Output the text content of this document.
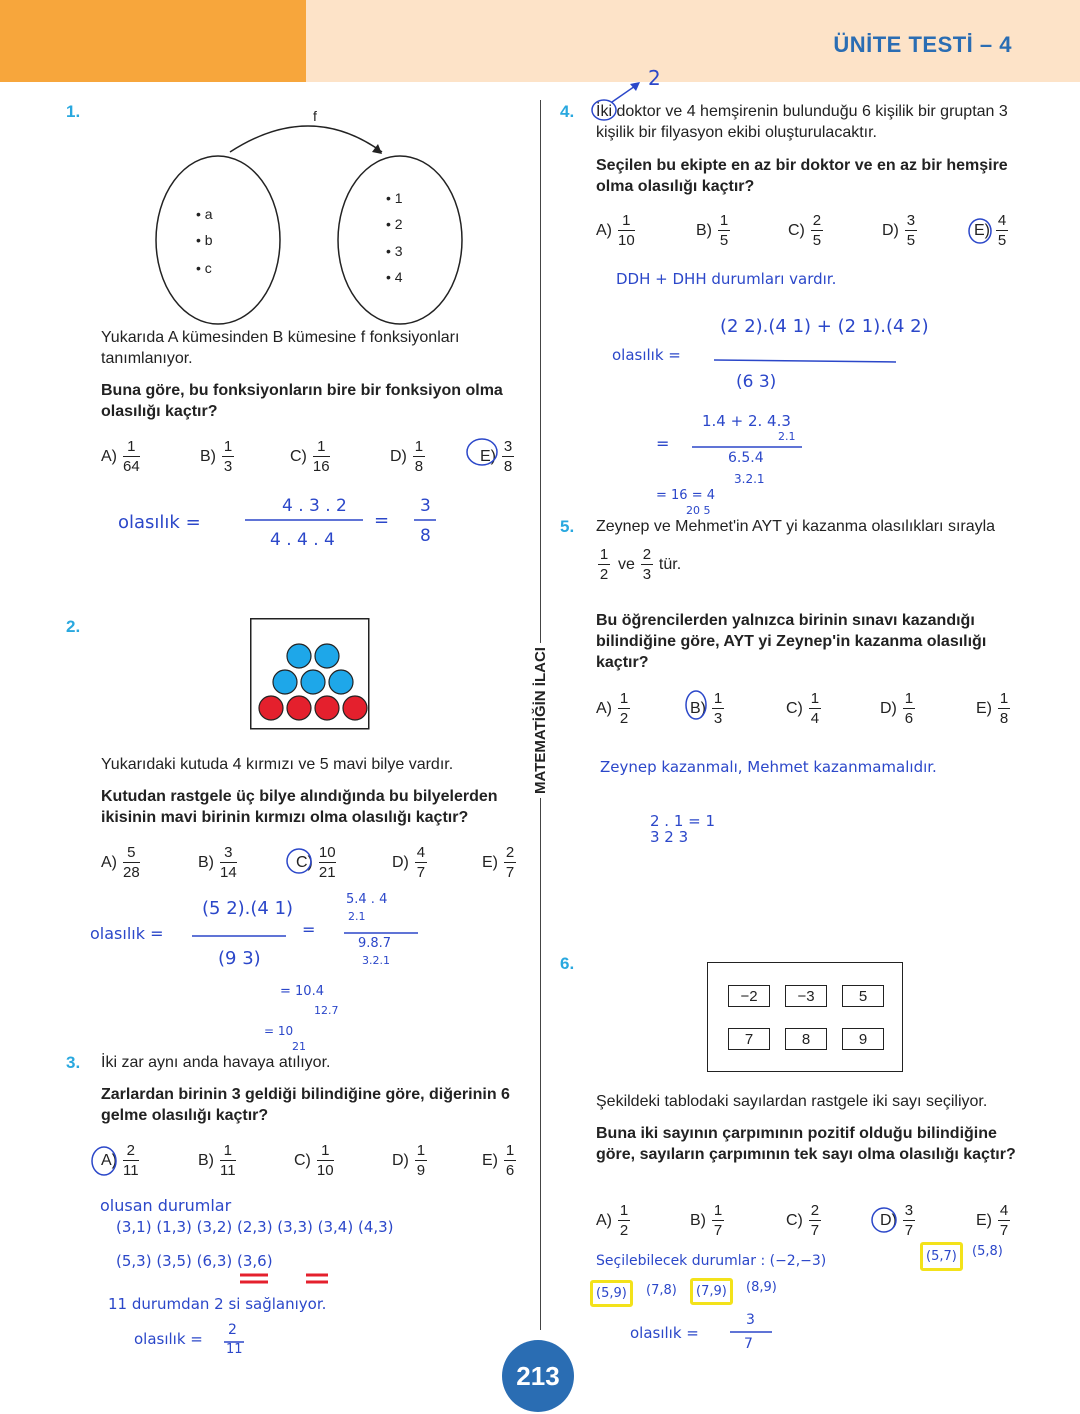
ÜNİTE TESTİ – 4
MATEMATİĞİN İLACI
1.	f
• a
• b
• c
• 1
• 2
• 3
• 4
Yukarıda A kümesinden B kümesine f fonksiyonları tanımlanıyor.
Buna göre, bu fonksiyonların bire bir fonksiyon olma olasılığı kaçtır?
$A) \frac{1}{64}$	$B) \frac{1}{3}$	$C) \frac{1}{16}$	$D) \frac{1}{8}$	$E) \frac{3}{8}$
olasılık =
4 . 3 . 2
4 . 4 . 4
=
3
8
2.
Yukarıdaki kutuda 4 kırmızı ve 5 mavi bilye vardır.
Kutudan rastgele üç bilye alındığında bu bilyelerden ikisinin mavi birinin kırmızı olma olasılığı kaçtır?
$A) \frac{5}{28}$	$B) \frac{3}{14}$	$C) \frac{10}{21}$	$D) \frac{4}{7}$	$E) \frac{2}{7}$
olasılık =
(5 2).(4 1)
(9 3)
=
5.4 . 4
2.1
9.8.7
3.2.1
= 10.4
12.7
= 10
21
3. İki zar aynı anda havaya atılıyor.
Zarlardan birinin 3 geldiği bilindiğine göre, diğerinin 6 gelme olasılığı kaçtır?
$A) \frac{2}{11}$	$B) \frac{1}{11}$	$C) \frac{1}{10}$	$D) \frac{1}{9}$	$E) \frac{1}{6}$
olusan durumlar
(3,1) (1,3) (3,2) (2,3) (3,3) (3,4) (4,3)
(5,3) (3,5) (6,3) (3,6)
11 durumdan 2 si sağlanıyor.
olasılık = 2
11
4.
2
İki doktor ve 4 hemşirenin bulunduğu 6 kişilik bir gruptan 3 kişilik bir filyasyon ekibi oluşturulacaktır.
Seçilen bu ekipte en az bir doktor ve en az bir hemşire olma olasılığı kaçtır?
$A) \frac{1}{10}$	$B) \frac{1}{5}$	$C) \frac{2}{5}$	$D) \frac{3}{5}$	$E) \frac{4}{5}$
DDH + DHH durumları vardır.
olasılık =
(2 2).(4 1) + (2 1).(4 2)
(6 3)
=
1.4 + 2. 4.3
2.1
6.5.4
3.2.1
= 16 = 4
20 5
5. Zeynep ve Mehmet'in AYT yi kazanma olasılıkları sırayla
$\frac{1}{2}$ ve $\frac{2}{3}$ tür.
Bu öğrencilerden yalnızca birinin sınavı kazandığı bilindiğine göre, AYT yi Zeynep'in kazanma olasılığı kaçtır?
$A) \frac{1}{2}$	$B) \frac{1}{3}$	$C) \frac{1}{4}$	$D) \frac{1}{6}$	$E) \frac{1}{8}$
Zeynep kazanmalı, Mehmet kazanmamalıdır.
2 . 1 = 1
3 2 3
6.
−2	−3	5
7	8	9
Şekildeki tablodaki sayılardan rastgele iki sayı seçiliyor.
Buna iki sayının çarpımının pozitif olduğu bilindiğine göre, sayıların çarpımının tek sayı olma olasılığı kaçtır?
$A) \frac{1}{2}$	$B) \frac{1}{7}$	$C) \frac{2}{7}$	$D) \frac{3}{7}$	$E) \frac{4}{7}$
Seçilebilecek durumlar : (−2,−3)	(5,7)	(5,8)
(5,9)	(7,8)	(7,9)	(8,9)
olasılık =
3
7
213
